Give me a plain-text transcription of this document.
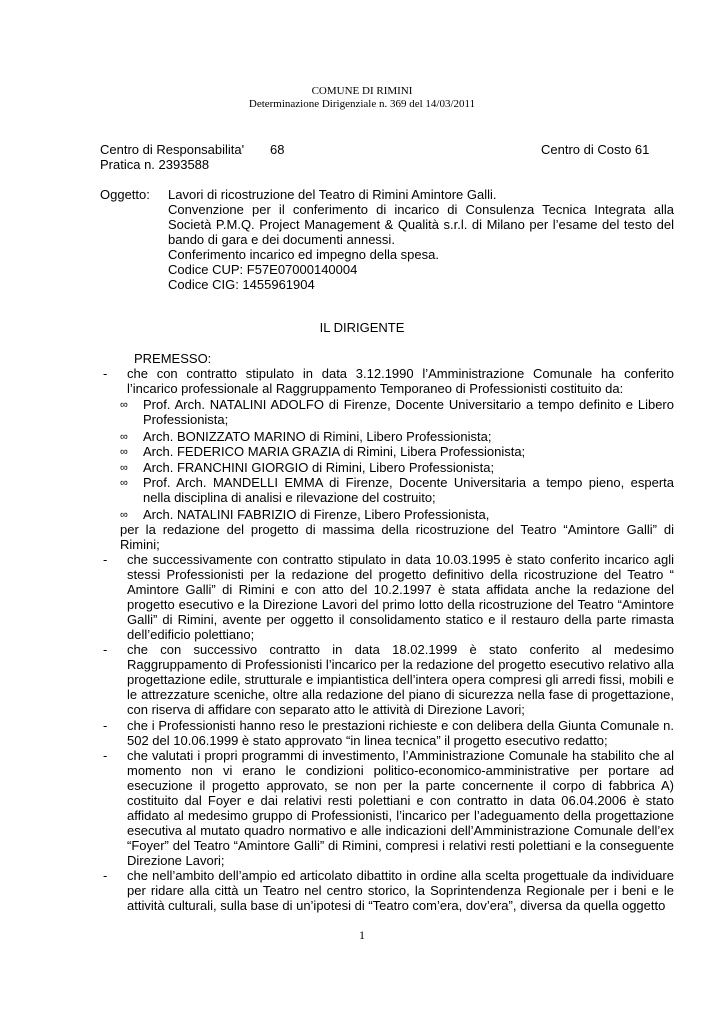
COMUNE DI RIMINI
Determinazione Dirigenziale n. 369 del 14/03/2011
Centro di Responsabilita' 68	Centro di Costo 61
Pratica n. 2393588
Oggetto: Lavori di ricostruzione del Teatro di Rimini Amintore Galli.

Convenzione per il conferimento di incarico di Consulenza Tecnica Integrata alla Società P.M.Q. Project Management & Qualità s.r.l. di Milano per l’esame del testo del bando di gara e dei documenti annessi.

Conferimento incarico ed impegno della spesa.

Codice CUP: F57E07000140004

Codice CIG: 1455961904

IL DIRIGENTE
PREMESSO:
- che con contratto stipulato in data 3.12.1990 l’Amministrazione Comunale ha conferito l’incarico professionale al Raggruppamento Temporaneo di Professionisti costituito da:
∞ Prof. Arch. NATALINI ADOLFO di Firenze, Docente Universitario a tempo definito e Libero Professionista;
∞ Arch. BONIZZATO MARINO di Rimini, Libero Professionista;
∞ Arch. FEDERICO MARIA GRAZIA di Rimini, Libera Professionista;
∞ Arch. FRANCHINI GIORGIO di Rimini, Libero Professionista;
∞ Prof. Arch. MANDELLI EMMA di Firenze, Docente Universitaria a tempo pieno, esperta nella disciplina di analisi e rilevazione del costruito;
∞ Arch. NATALINI FABRIZIO di Firenze, Libero Professionista,
per la redazione del progetto di massima della ricostruzione del Teatro “Amintore Galli” di Rimini;
- che successivamente con contratto stipulato in data 10.03.1995 è stato conferito incarico agli stessi Professionisti per la redazione del progetto definitivo della ricostruzione del Teatro “ Amintore Galli” di Rimini e con atto del 10.2.1997 è stata affidata anche la redazione del progetto esecutivo e la Direzione Lavori del primo lotto della ricostruzione del Teatro “Amintore Galli” di Rimini, avente per oggetto il consolidamento statico e il restauro della parte rimasta dell’edificio polettiano;
- che con successivo contratto in data 18.02.1999 è stato conferito al medesimo Raggruppamento di Professionisti l’incarico per la redazione del progetto esecutivo relativo alla progettazione edile, strutturale e impiantistica dell’intera opera compresi gli arredi fissi, mobili e le attrezzature sceniche, oltre alla redazione del piano di sicurezza nella fase di progettazione, con riserva di affidare con separato atto le attività di Direzione Lavori;
- che i Professionisti hanno reso le prestazioni richieste e con delibera della Giunta Comunale n. 502 del 10.06.1999 è stato approvato “in linea tecnica” il progetto esecutivo redatto;
- che valutati i propri programmi di investimento, l’Amministrazione Comunale ha stabilito che al momento non vi erano le condizioni politico-economico-amministrative per portare ad esecuzione il progetto approvato, se non per la parte concernente il corpo di fabbrica A) costituito dal Foyer e dai relativi resti polettiani e con contratto in data 06.04.2006 è stato affidato al medesimo gruppo di Professionisti, l’incarico per l’adeguamento della progettazione esecutiva al mutato quadro normativo e alle indicazioni dell’Amministrazione Comunale dell’ex “Foyer” del Teatro “Amintore Galli” di Rimini, compresi i relativi resti polettiani e la conseguente Direzione Lavori;
- che nell’ambito dell’ampio ed articolato dibattito in ordine alla scelta progettuale da individuare per ridare alla città un Teatro nel centro storico, la Soprintendenza Regionale per i beni e le attività culturali, sulla base di un’ipotesi di “Teatro com’era, dov’era”, diversa da quella oggetto
1
